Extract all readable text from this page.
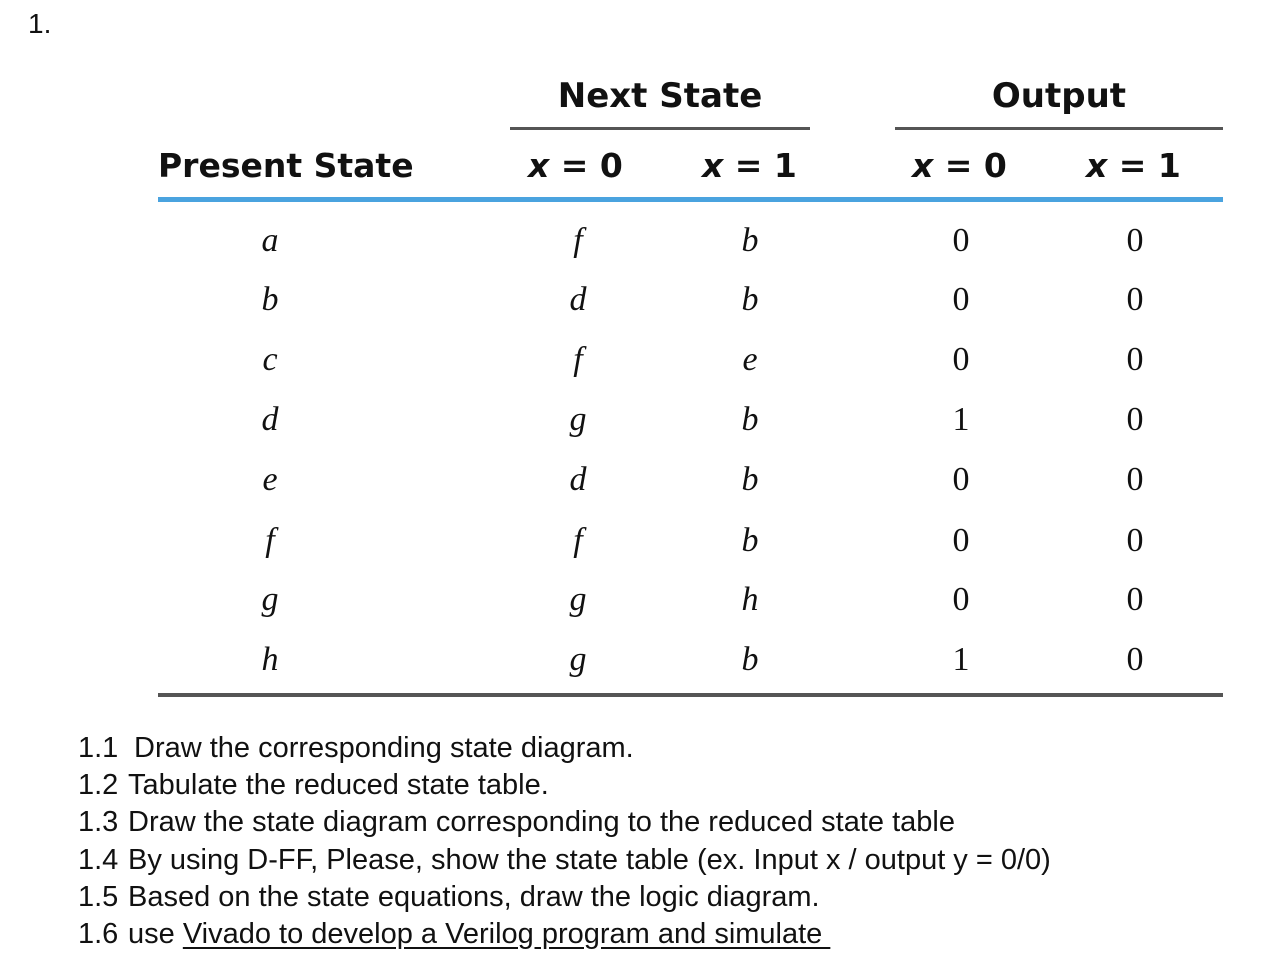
1.
Next State	Output
Present State	x = 0 x = 1	x = 0 x = 1
a	f	b	0	0
b	d	b	0	0
c	f	e	0	0
d	g	b	1	0
e	d	b	0	0
f	f	b	0	0
g	g	h	0	0
h	g	b	1	0
1.1 Draw the corresponding state diagram.
1.2 Tabulate the reduced state table.
1.3 Draw the state diagram corresponding to the reduced state table
1.4 By using D-FF, Please, show the state table (ex. Input x / output y = 0/0)
1.5 Based on the state equations, draw the logic diagram.
1.6 use Vivado to develop a Verilog program and simulate
